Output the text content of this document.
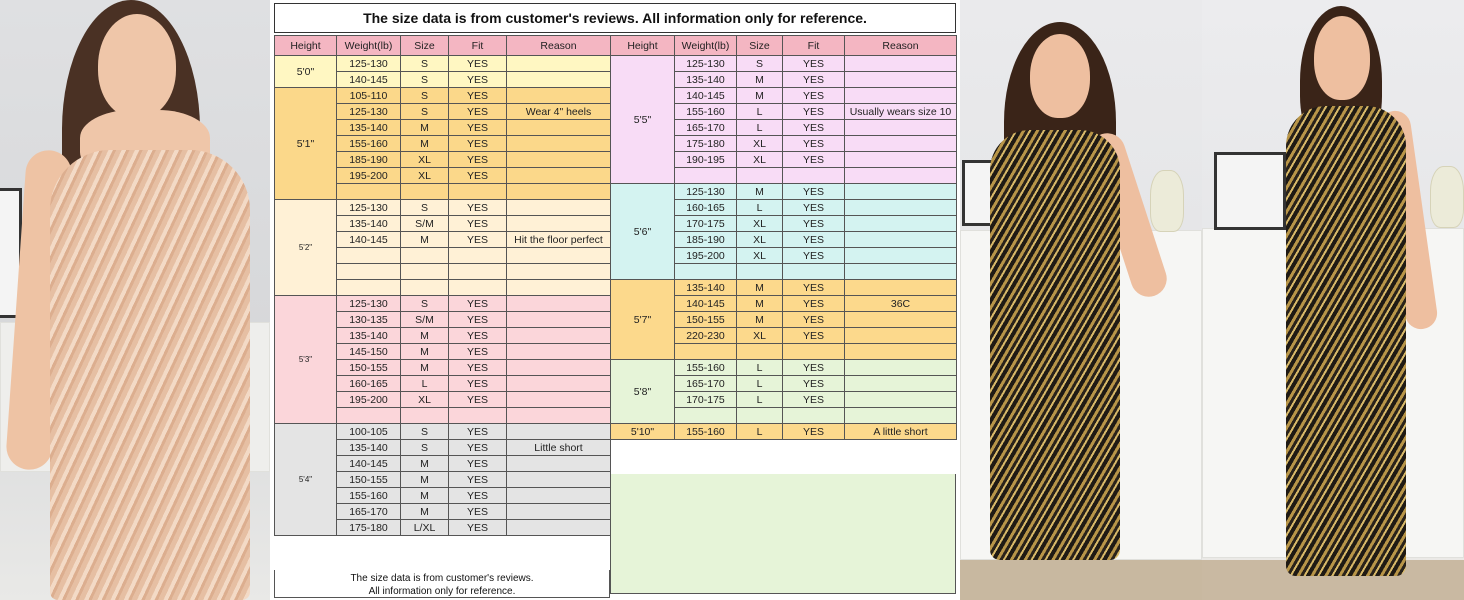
The size data is from customer's reviews. All information only for reference.
Height	Weight(lb)	Size	Fit	Reason
5'0"	125-130	S	YES	
	140-145	S	YES	
5'1"	105-110	S	YES	
	125-130	S	YES	Wear 4" heels
	135-140	M	YES	
	155-160	M	YES	
	185-190	XL	YES	
	195-200	XL	YES	

5'2"	125-130	S	YES	
	135-140	S/M	YES	
	140-145	M	YES	Hit the floor perfect

5'3"	125-130	S	YES	
	130-135	S/M	YES	
	135-140	M	YES	
	145-150	M	YES	
	150-155	M	YES	
	160-165	L	YES	
	195-200	XL	YES	

5'4"	100-105	S	YES	
	135-140	S	YES	Little short
	140-145	M	YES	
	150-155	M	YES	
	155-160	M	YES	
	165-170	M	YES	
	175-180	L/XL	YES	
Height	Weight(lb)	Size	Fit	Reason
5'5"	125-130	S	YES	
	135-140	M	YES	
	140-145	M	YES	
	155-160	L	YES	Usually wears size 10
	165-170	L	YES	
	175-180	XL	YES	
	190-195	XL	YES	

5'6"	125-130	M	YES	
	160-165	L	YES	
	170-175	XL	YES	
	185-190	XL	YES	
	195-200	XL	YES	

5'7"	135-140	M	YES	
	140-145	M	YES	36C
	150-155	M	YES	
	220-230	XL	YES	

5'8"	155-160	L	YES	
	165-170	L	YES	
	170-175	L	YES	

5'10"	155-160	L	YES	A little short
The size data is from customer's reviews.
All information only for reference.
